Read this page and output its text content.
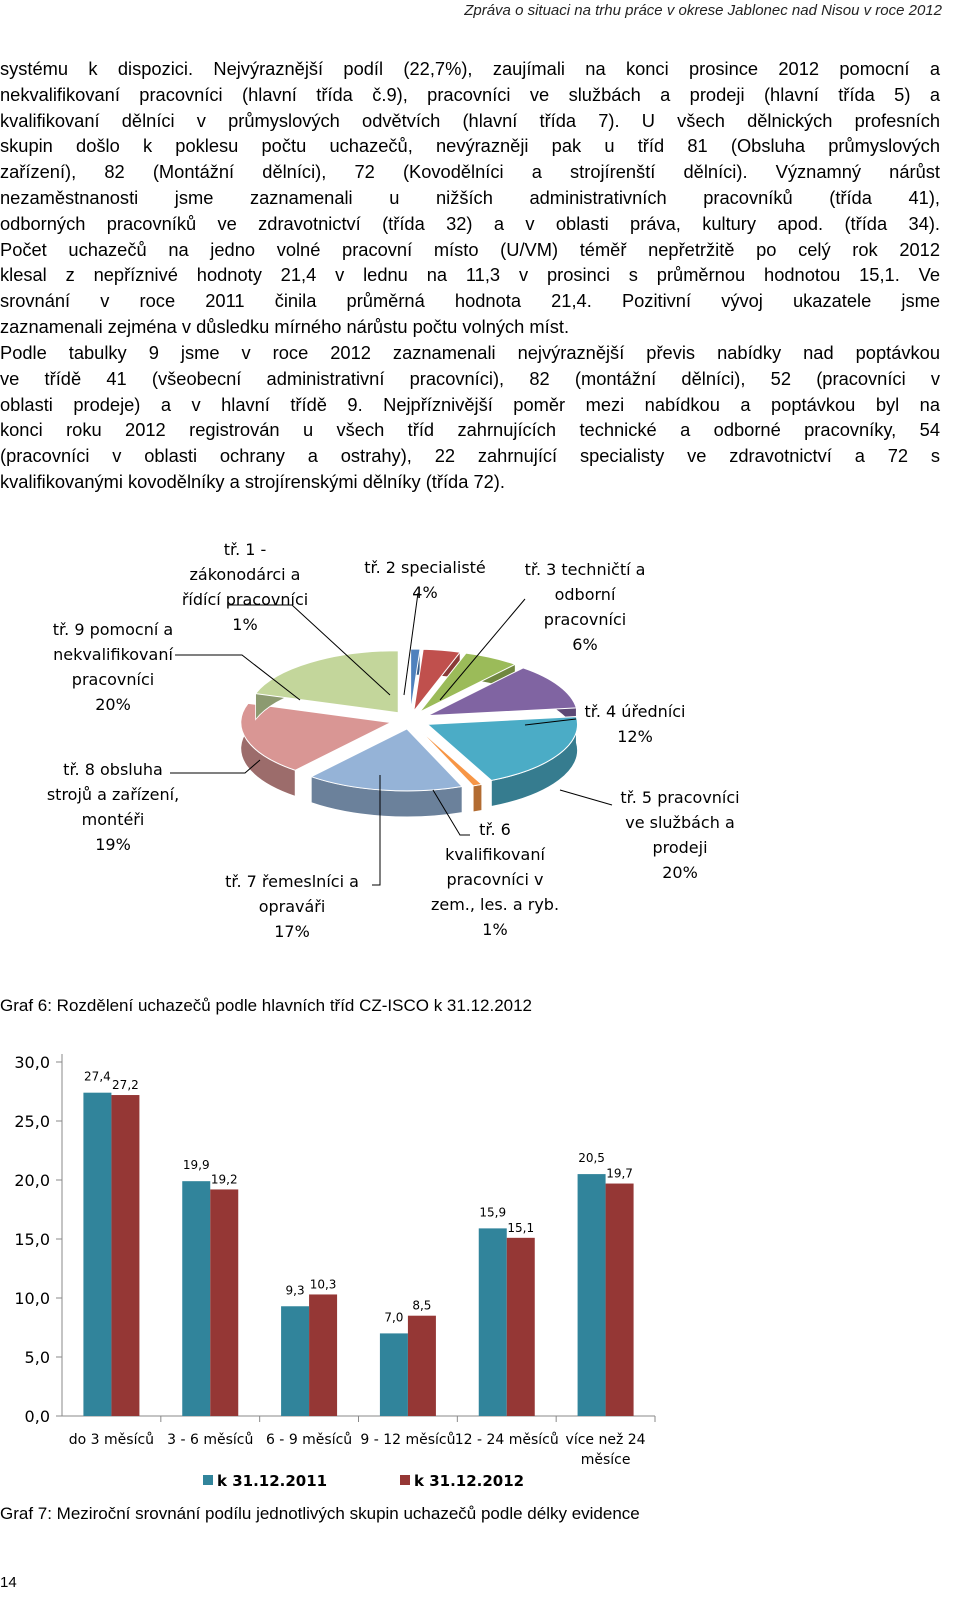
Zpráva o situaci na trhu práce v okrese Jablonec nad Nisou v roce 2012
systému k dispozici. Nejvýraznější podíl (22,7%), zaujímali na konci prosince 2012 pomocní a
nekvalifikovaní pracovníci (hlavní třída č.9), pracovníci ve službách a prodeji (hlavní třída 5) a
kvalifikovaní dělníci v průmyslových odvětvích (hlavní třída 7). U všech dělnických profesních
skupin došlo k poklesu počtu uchazečů, nevýrazněji pak u tříd 81 (Obsluha průmyslových
zařízení), 82 (Montážní dělníci), 72 (Kovodělníci a strojírenští dělníci). Významný nárůst
nezaměstnanosti jsme zaznamenali u nižších administrativních pracovníků (třída 41),
odborných pracovníků ve zdravotnictví (třída 32) a v oblasti práva, kultury apod. (třída 34).
Počet uchazečů na jedno volné pracovní místo (U/VM) téměř nepřetržitě po celý rok 2012
klesal z nepříznivé hodnoty 21,4 v lednu na 11,3 v prosinci s průměrnou hodnotou 15,1. Ve
srovnání v roce 2011 činila průměrná hodnota 21,4. Pozitivní vývoj ukazatele jsme
zaznamenali zejména v důsledku mírného nárůstu počtu volných míst.
Podle tabulky 9 jsme v roce 2012 zaznamenali nejvýraznější převis nabídky nad poptávkou
ve třídě 41 (všeobecní administrativní pracovníci), 82 (montážní dělníci), 52 (pracovníci v
oblasti prodeje) a v hlavní třídě 9. Nejpříznivější poměr mezi nabídkou a poptávkou byl na
konci roku 2012 registrován u všech tříd zahrnujících technické a odborné pracovníky, 54
(pracovníci v oblasti ochrany a ostrahy), 22 zahrnující specialisty ve zdravotnictví a 72 s
kvalifikovanými kovodělníky a strojírenskými dělníky (třída 72).
tř. 1 -zákonodárci a řídící pracovníci 1%
tř. 2 specialisté 4%
tř. 3 techničtí a odborní pracovníci 6%
tř. 4 úředníci 12%
tř. 5 pracovníci ve službách a prodeji 20%
tř. 6 kvalifikovaní pracovníci v zem., les. a ryb. 1%
tř. 7 řemeslníci a opraváři 17%
tř. 8 obsluha strojů a zařízení, montéři 19%
tř. 9 pomocní a nekvalifikovaní pracovníci 20%
Graf 6: Rozdělení uchazečů podle hlavních tříd CZ-ISCO k 31.12.2012
0,0
5,0
10,0
15,0
20,0
25,0
30,0
27,4
27,2
do 3 měsíců
19,9
19,2
3 - 6 měsíců
9,3 10,3
6 - 9 měsíců
7,0
8,5
9 - 12 měsíců
15,9
15,1
12 - 24 měsíců
20,5
19,7
více než 24 měsíce
k 31.12.2011	k 31.12.2012
Graf 7: Meziroční srovnání podílu jednotlivých skupin uchazečů podle délky evidence
14
